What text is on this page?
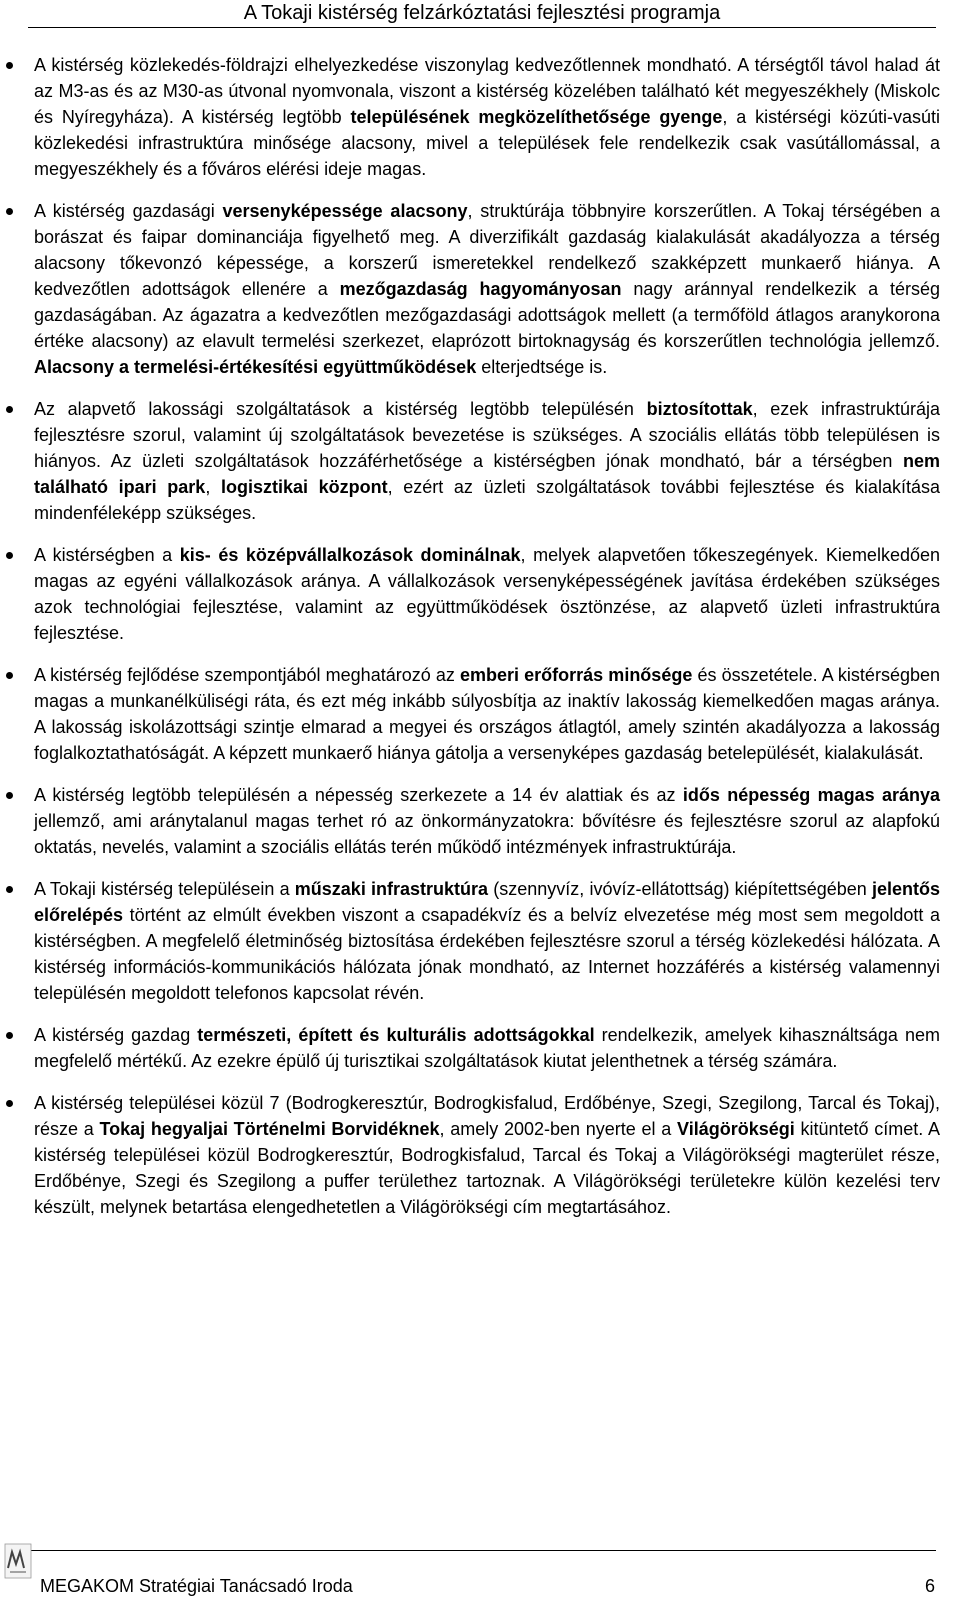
A Tokaji kistérség felzárkóztatási fejlesztési programja
A kistérség közlekedés-földrajzi elhelyezkedése viszonylag kedvezőtlennek mondható. A térségtől távol halad át az M3-as és az M30-as útvonal nyomvonala, viszont a kistérség közelében található két megyeszékhely (Miskolc és Nyíregyháza). A kistérség legtöbb településének megközelíthetősége gyenge, a kistérségi közúti-vasúti közlekedési infrastruktúra minősége alacsony, mivel a települések fele rendelkezik csak vasútállomással, a megyeszékhely és a főváros elérési ideje magas.
A kistérség gazdasági versenyképessége alacsony, struktúrája többnyire korszerűtlen. A Tokaj térségében a borászat és faipar dominanciája figyelhető meg. A diverzifikált gazdaság kialakulását akadályozza a térség alacsony tőkevonzó képessége, a korszerű ismeretekkel rendelkező szakképzett munkaerő hiánya. A kedvezőtlen adottságok ellenére a mezőgazdaság hagyományosan nagy aránnyal rendelkezik a térség gazdaságában. Az ágazatra a kedvezőtlen mezőgazdasági adottságok mellett (a termőföld átlagos aranykorona értéke alacsony) az elavult termelési szerkezet, elaprózott birtoknagyság és korszerűtlen technológia jellemző. Alacsony a termelési-értékesítési együttműködések elterjedtsége is.
Az alapvető lakossági szolgáltatások a kistérség legtöbb településén biztosítottak, ezek infrastruktúrája fejlesztésre szorul, valamint új szolgáltatások bevezetése is szükséges. A szociális ellátás több településen is hiányos. Az üzleti szolgáltatások hozzáférhetősége a kistérségben jónak mondható, bár a térségben nem található ipari park, logisztikai központ, ezért az üzleti szolgáltatások további fejlesztése és kialakítása mindenféleképp szükséges.
A kistérségben a kis- és középvállalkozások dominálnak, melyek alapvetően tőkeszegények. Kiemelkedően magas az egyéni vállalkozások aránya. A vállalkozások versenyképességének javítása érdekében szükséges azok technológiai fejlesztése, valamint az együttműködések ösztönzése, az alapvető üzleti infrastruktúra fejlesztése.
A kistérség fejlődése szempontjából meghatározó az emberi erőforrás minősége és összetétele. A kistérségben magas a munkanélküliségi ráta, és ezt még inkább súlyosbítja az inaktív lakosság kiemelkedően magas aránya. A lakosság iskolázottsági szintje elmarad a megyei és országos átlagtól, amely szintén akadályozza a lakosság foglalkoztathatóságát. A képzett munkaerő hiánya gátolja a versenyképes gazdaság betelepülését, kialakulását.
A kistérség legtöbb településén a népesség szerkezete a 14 év alattiak és az idős népesség magas aránya jellemző, ami aránytalanul magas terhet ró az önkormányzatokra: bővítésre és fejlesztésre szorul az alapfokú oktatás, nevelés, valamint a szociális ellátás terén működő intézmények infrastruktúrája.
A Tokaji kistérség településein a műszaki infrastruktúra (szennyvíz, ivóvíz-ellátottság) kiépítettségében jelentős előrelépés történt az elmúlt években viszont a csapadékvíz és a belvíz elvezetése még most sem megoldott a kistérségben. A megfelelő életminőség biztosítása érdekében fejlesztésre szorul a térség közlekedési hálózata. A kistérség információs-kommunikációs hálózata jónak mondható, az Internet hozzáférés a kistérség valamennyi településén megoldott telefonos kapcsolat révén.
A kistérség gazdag természeti, épített és kulturális adottságokkal rendelkezik, amelyek kihasználtsága nem megfelelő mértékű. Az ezekre épülő új turisztikai szolgáltatások kiutat jelenthetnek a térség számára.
A kistérség települései közül 7 (Bodrogkeresztúr, Bodrogkisfalud, Erdőbénye, Szegi, Szegilong, Tarcal és Tokaj), része a Tokaj hegyaljai Történelmi Borvidéknek, amely 2002-ben nyerte el a Világörökségi kitüntető címet. A kistérség települései közül Bodrogkeresztúr, Bodrogkisfalud, Tarcal és Tokaj a Világörökségi magterület része, Erdőbénye, Szegi és Szegilong a puffer területhez tartoznak. A Világörökségi területekre külön kezelési terv készült, melynek betartása elengedhetetlen a Világörökségi cím megtartásához.
MEGAKOM Stratégiai Tanácsadó Iroda	6
